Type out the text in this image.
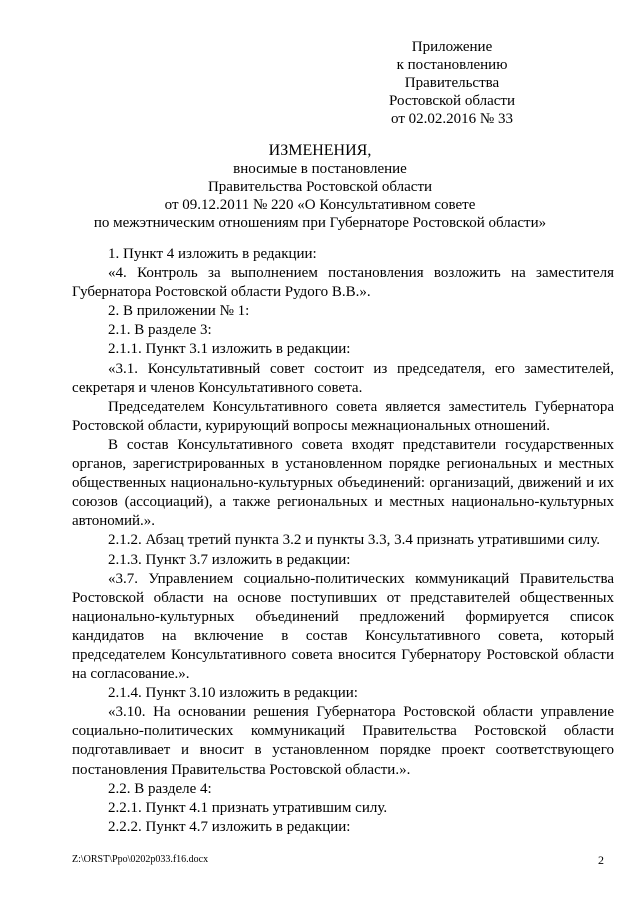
Приложение
к постановлению
Правительства
Ростовской области
от 02.02.2016 № 33
ИЗМЕНЕНИЯ,
вносимые в постановление
Правительства Ростовской области
от 09.12.2011 № 220 «О Консультативном совете
по межэтническим отношениям при Губернаторе Ростовской области»

1. Пункт 4 изложить в редакции:

«4. Контроль за выполнением постановления возложить на заместителя Губернатора Ростовской области Рудого В.В.».

2. В приложении № 1:

2.1. В разделе 3:

2.1.1. Пункт 3.1 изложить в редакции:

«3.1. Консультативный совет состоит из председателя, его заместителей, секретаря и членов Консультативного совета.

Председателем Консультативного совета является заместитель Губернатора Ростовской области, курирующий вопросы межнациональных отношений.

В состав Консультативного совета входят представители государственных органов, зарегистрированных в установленном порядке региональных и местных общественных национально-культурных объединений: организаций, движений и их союзов (ассоциаций), а также региональных и местных национально-культурных автономий.».

2.1.2. Абзац третий пункта 3.2 и пункты 3.3, 3.4 признать утратившими силу.

2.1.3. Пункт 3.7 изложить в редакции:

«3.7. Управлением социально-политических коммуникаций Правительства Ростовской области на основе поступивших от представителей общественных национально-культурных объединений предложений формируется список кандидатов на включение в состав Консультативного совета, который председателем Консультативного совета вносится Губернатору Ростовской области на согласование.».

2.1.4. Пункт 3.10 изложить в редакции:

«3.10. На основании решения Губернатора Ростовской области управление социально-политических коммуникаций Правительства Ростовской области подготавливает и вносит в установленном порядке проект соответствующего постановления Правительства Ростовской области.».

2.2. В разделе 4:

2.2.1. Пункт 4.1 признать утратившим силу.

2.2.2. Пункт 4.7 изложить в редакции:

Z:\ORST\Ppo\0202p033.f16.docx	2
